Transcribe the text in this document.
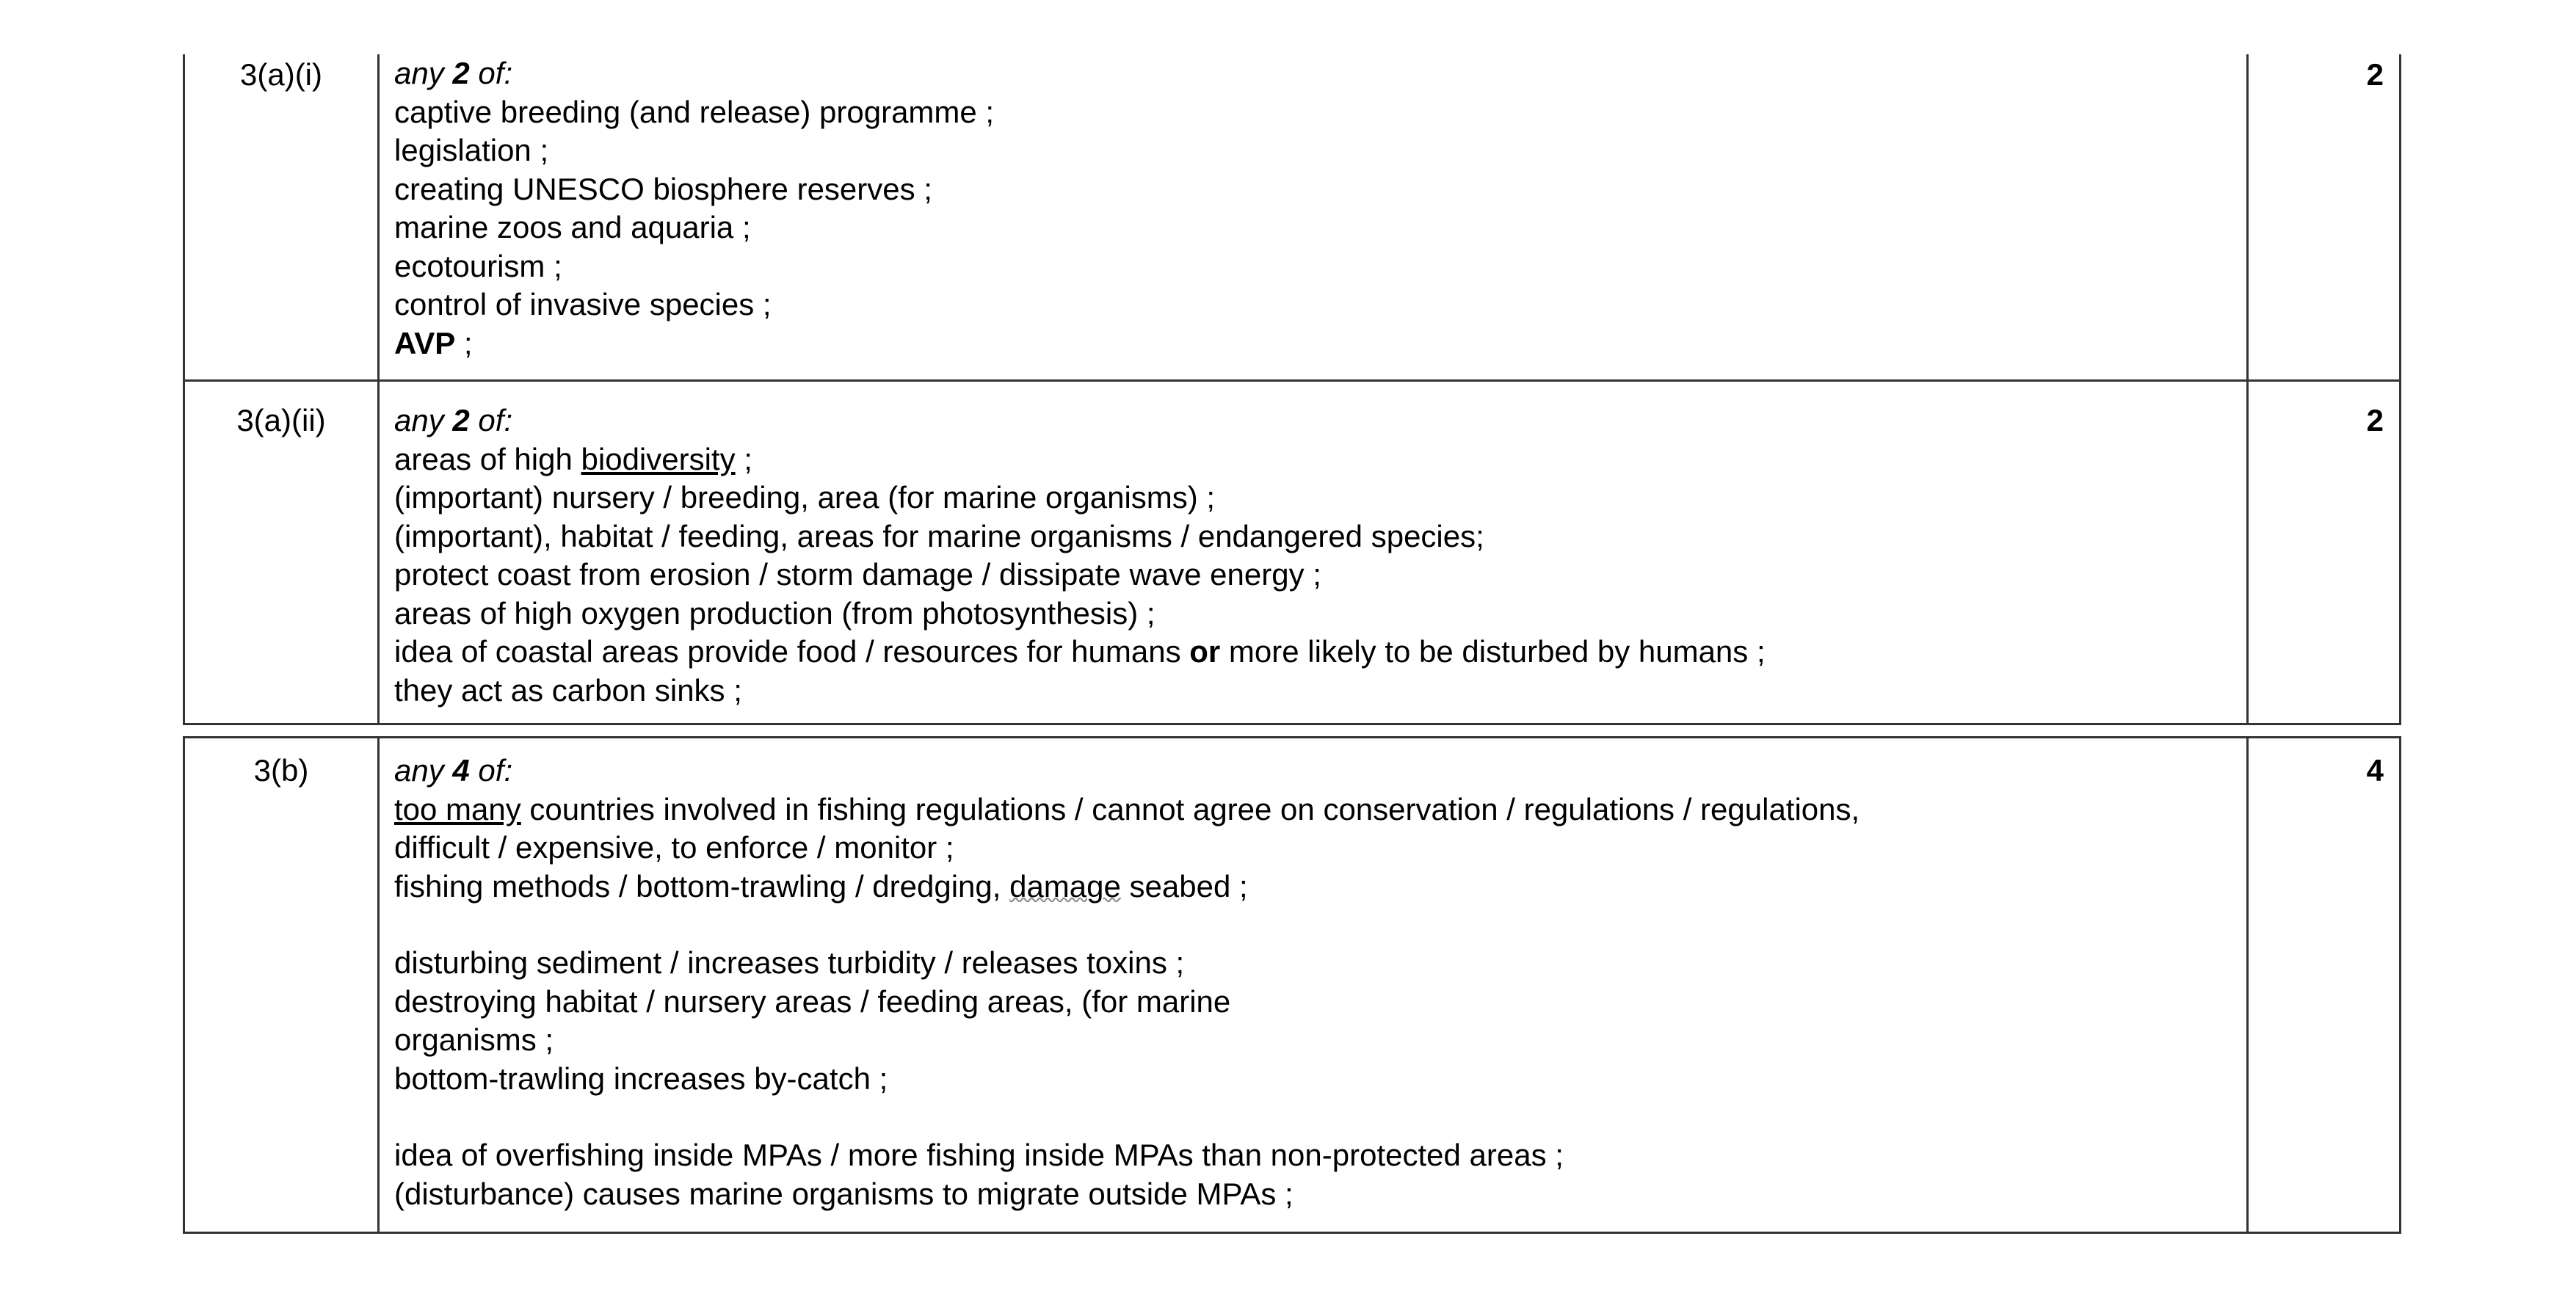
3(a)(i)	any 2 of:
captive breeding (and release) programme ;
legislation ;
creating UNESCO biosphere reserves ;
marine zoos and aquaria ;
ecotourism ;
control of invasive species ;
AVP ;
2
3(a)(ii)	any 2 of:
areas of high biodiversity ;
(important) nursery / breeding, area (for marine organisms) ;
(important), habitat / feeding, areas for marine organisms / endangered species;
protect coast from erosion / storm damage / dissipate wave energy ;
areas of high oxygen production (from photosynthesis) ;
idea of coastal areas provide food / resources for humans or more likely to be disturbed by humans ;
they act as carbon sinks ;
2
3(b)	any 4 of:
too many countries involved in fishing regulations / cannot agree on conservation / regulations / regulations,
difficult / expensive, to enforce / monitor ;
fishing methods / bottom-trawling / dredging, damage seabed ;
disturbing sediment / increases turbidity / releases toxins ;
destroying habitat / nursery areas / feeding areas, (for marine
organisms ;
bottom-trawling increases by-catch ;
idea of overfishing inside MPAs / more fishing inside MPAs than non-protected areas ;
(disturbance) causes marine organisms to migrate outside MPAs ;
4
